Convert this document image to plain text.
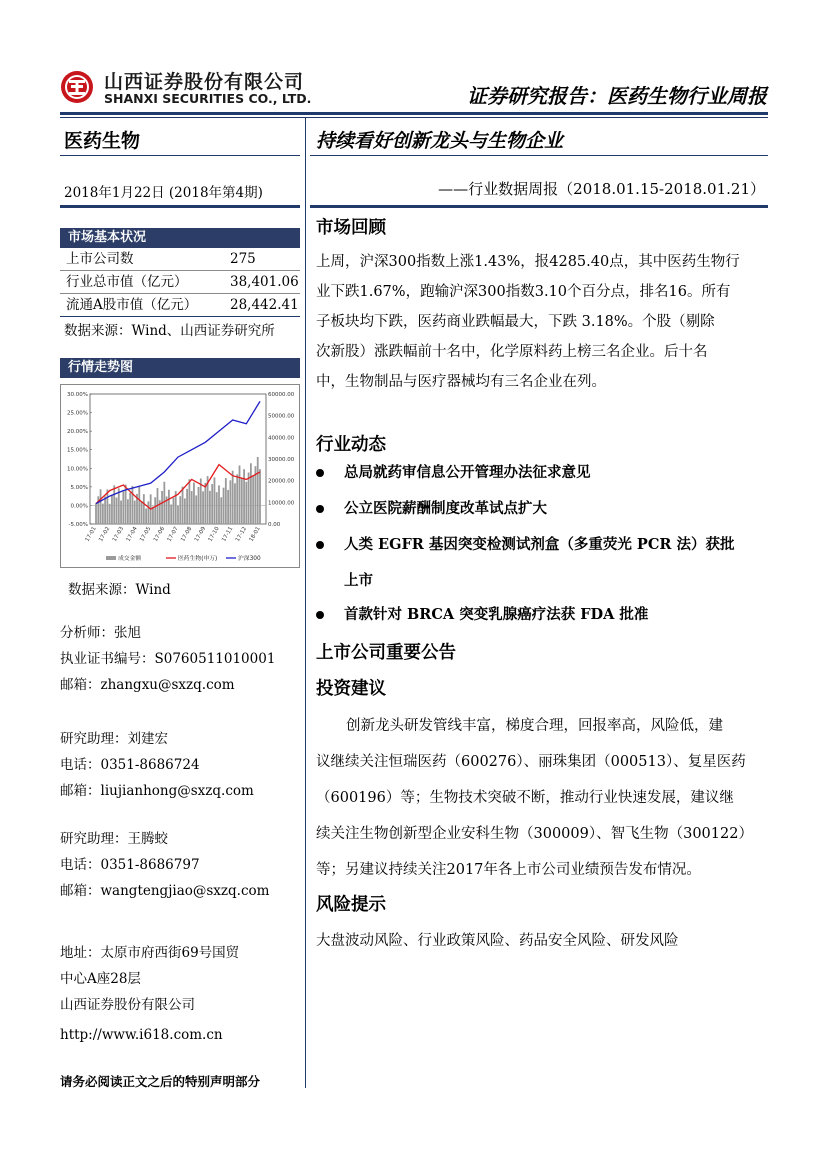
山西证券股份有限公司
SHANXI SECURITIES CO., LTD.	证券研究报告：医药生物行业周报
医药生物
2018年1月22日 (2018年第4期)
市场基本状况
上市公司数	275
行业总市值（亿元）	38,401.06
流通A股市值（亿元） 28,442.41
数据来源：Wind、山西证券研究所
行情走势图
30.00%
25.00%
20.00%
15.00%
10.00%
5.00%
0.00%
-5.00%
60000.00
50000.00
40000.00
30000.00
20000.00
10000.00
0.00
17-01 17-02 17-03 17-04 17-05 17-06 17-07 17-08 17-09 17-10 17-11 17-12 18-01
成交金额	医药生物(申万)	沪深300
数据来源：Wind
分析师：张旭
执业证书编号：S0760511010001
邮箱：zhangxu@sxzq.com
研究助理：刘建宏
电话：0351-8686724
邮箱：liujianhong@sxzq.com
研究助理：王腾蛟
电话：0351-8686797
邮箱：wangtengjiao@sxzq.com
地址：太原市府西街69号国贸
中心A座28层
山西证券股份有限公司
http://www.i618.com.cn
持续看好创新龙头与生物企业
——行业数据周报（2018.01.15-2018.01.21）
市场回顾
上周，沪深300指数上涨1.43%，报4285.40点，其中医药生物行
业下跌1.67%，跑输沪深300指数3.10个百分点，排名16。所有
子板块均下跌，医药商业跌幅最大，下跌 3.18%。个股（剔除
次新股）涨跌幅前十名中，化学原料药上榜三名企业。后十名
中，生物制品与医疗器械均有三名企业在列。
行业动态
总局就药审信息公开管理办法征求意见
公立医院薪酬制度改革试点扩大
人类 EGFR 基因突变检测试剂盒（多重荧光 PCR 法）获批
上市
首款针对 BRCA 突变乳腺癌疗法获 FDA 批准
上市公司重要公告
投资建议
创新龙头研发管线丰富，梯度合理，回报率高，风险低，建
议继续关注恒瑞医药（600276）、丽珠集团（000513）、复星医药
（600196）等；生物技术突破不断，推动行业快速发展，建议继
续关注生物创新型企业安科生物（300009）、智飞生物（300122）
等；另建议持续关注2017年各上市公司业绩预告发布情况。
风险提示
大盘波动风险、行业政策风险、药品安全风险、研发风险
请务必阅读正文之后的特别声明部分
